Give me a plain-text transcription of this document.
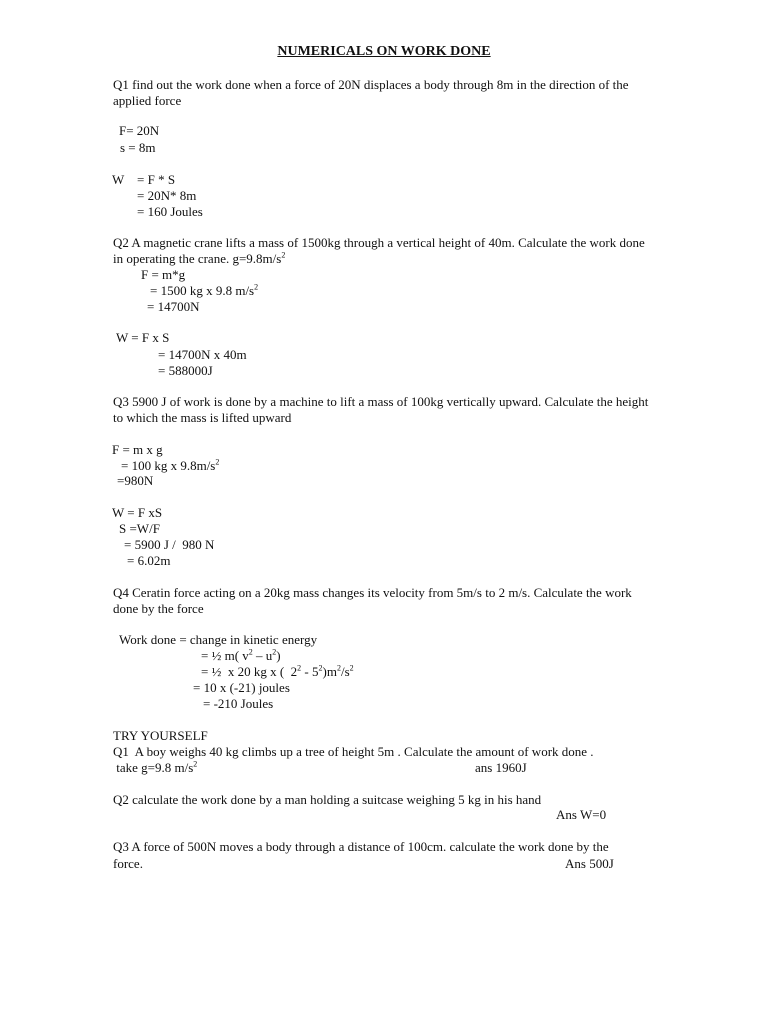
NUMERICALS ON WORK DONE
Q1 find out the work done when a force of 20N displaces a body through 8m in the direction of the applied force
F= 20N
s = 8m
W    = F * S
= 20N* 8m
= 160 Joules
Q2 A magnetic crane lifts a mass of 1500kg through a vertical height of 40m. Calculate the work done in operating the crane. $g=9.8m/s^2$
F = m*g
= 1500 kg x 9.8 $m/s^2$
= 14700N
W = F x S
= 14700N x 40m
= 588000J
Q3 5900 J of work is done by a machine to lift a mass of 100kg vertically upward. Calculate the height to which the mass is lifted upward
F = m x g
= 100 kg x $9.8m/s^2$
=980N
W = F xS
S =W/F
= 5900 J /  980 N
= 6.02m
Q4 Ceratin force acting on a 20kg mass changes its velocity from 5m/s to 2 m/s. Calculate the work done by the force
Work done = change in kinetic energy
= ½ m( $v^2 - u^2$)
= ½  x 20 kg x (  $2^2 - 5^2)m^2/s^2$
= 10 x (-21) joules
= -210 Joules
TRY YOURSELF
Q1  A boy weighs 40 kg climbs up a tree of height 5m . Calculate the amount of work done .
take g=9.8 $m/s^2$	ans 1960J
Q2 calculate the work done by a man holding a suitcase weighing 5 kg in his hand
Ans W=0
Q3 A force of 500N moves a body through a distance of 100cm. calculate the work done by the
force.	Ans 500J
